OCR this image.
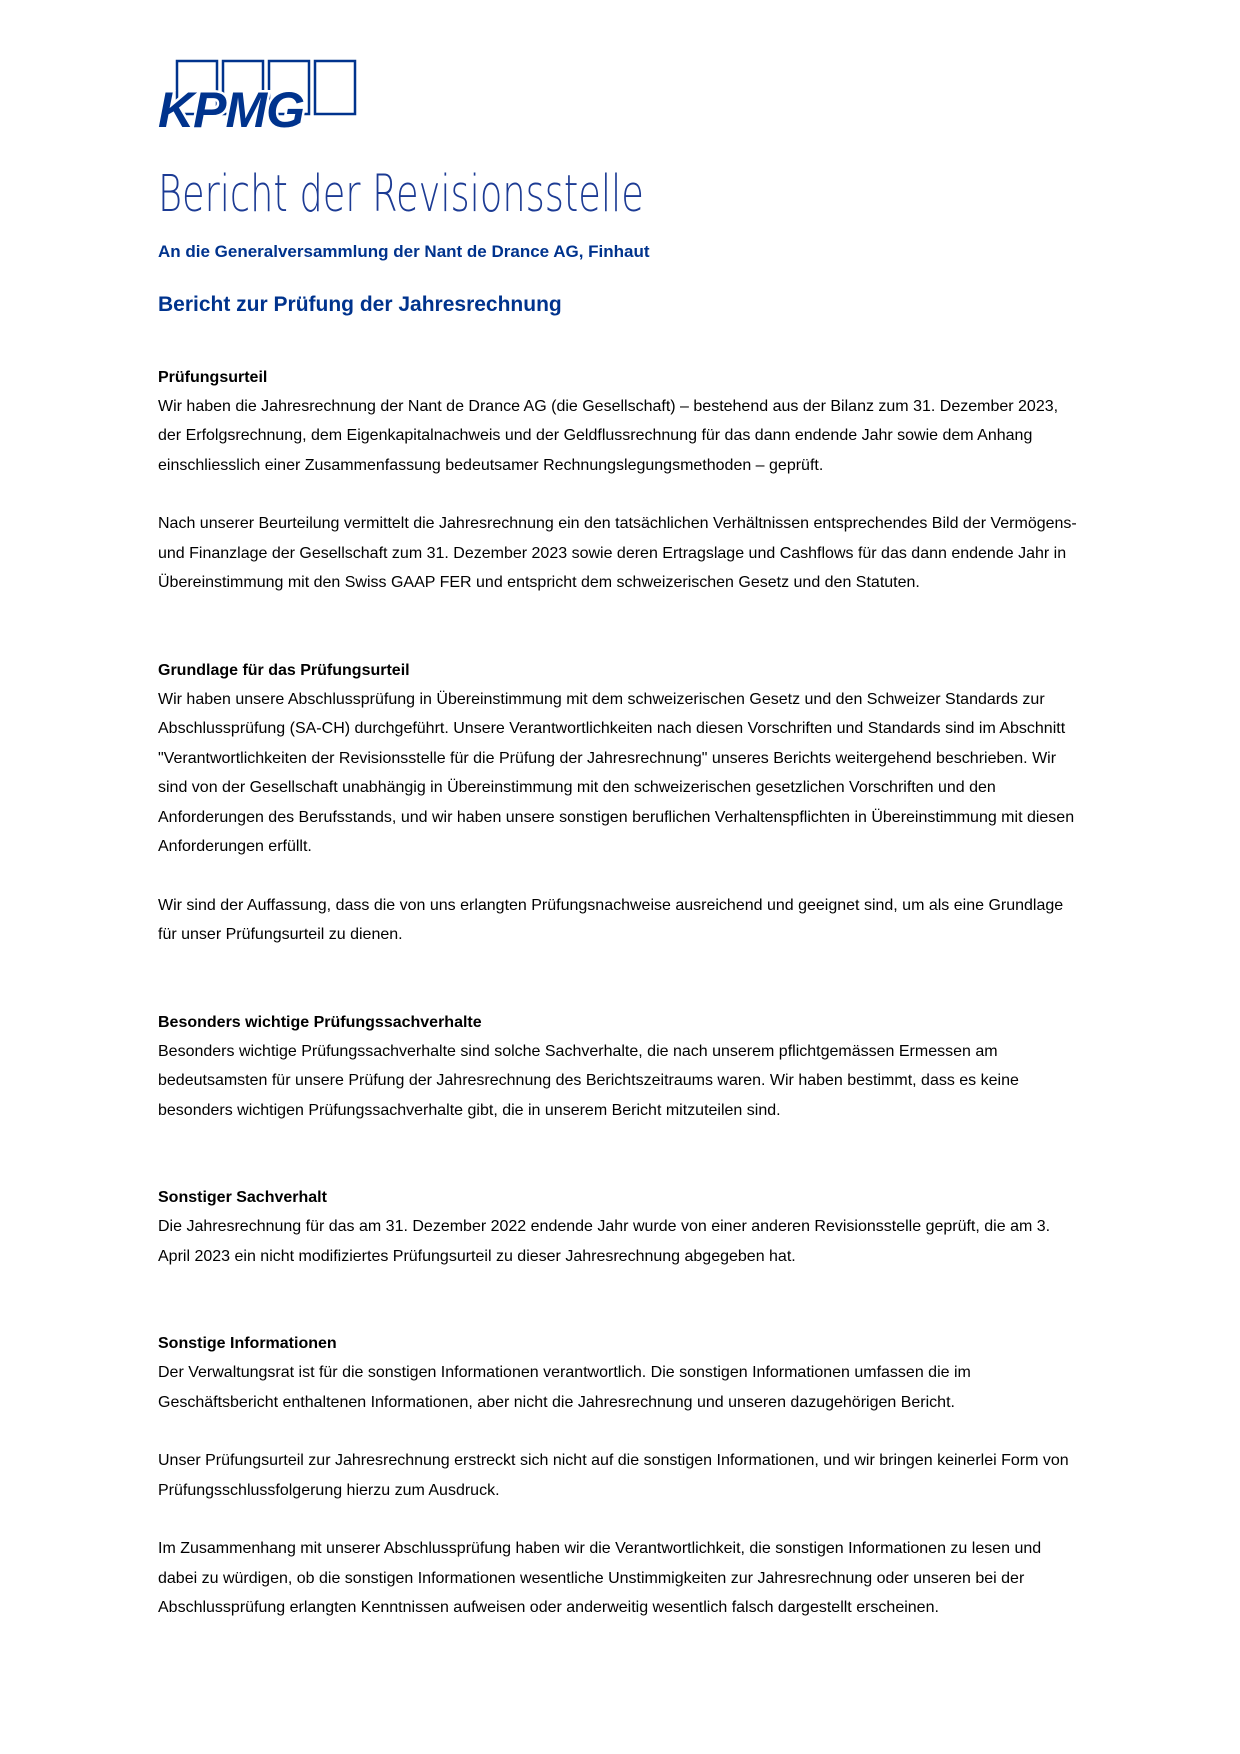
KPMG
Bericht der Revisionsstelle
An die Generalversammlung der Nant de Drance AG, Finhaut
Bericht zur Prüfung der Jahresrechnung
Prüfungsurteil

Wir haben die Jahresrechnung der Nant de Drance AG (die Gesellschaft) – bestehend aus der Bilanz zum 31. Dezember 2023, der Erfolgsrechnung, dem Eigenkapitalnachweis und der Geldflussrechnung für das dann endende Jahr sowie dem Anhang einschliesslich einer Zusammenfassung bedeutsamer Rechnungslegungsmethoden – geprüft.

Nach unserer Beurteilung vermittelt die Jahresrechnung ein den tatsächlichen Verhältnissen entsprechendes Bild der Vermögens- und Finanzlage der Gesellschaft zum 31. Dezember 2023 sowie deren Ertragslage und Cashflows für das dann endende Jahr in Übereinstimmung mit den Swiss GAAP FER und entspricht dem schweizerischen Gesetz und den Statuten.

Grundlage für das Prüfungsurteil

Wir haben unsere Abschlussprüfung in Übereinstimmung mit dem schweizerischen Gesetz und den Schweizer Standards zur Abschlussprüfung (SA-CH) durchgeführt. Unsere Verantwortlichkeiten nach diesen Vorschriften und Standards sind im Abschnitt "Verantwortlichkeiten der Revisionsstelle für die Prüfung der Jahresrechnung" unseres Berichts weitergehend beschrieben. Wir sind von der Gesellschaft unabhängig in Übereinstimmung mit den schweizerischen gesetzlichen Vorschriften und den Anforderungen des Berufsstands, und wir haben unsere sonstigen beruflichen Verhaltenspflichten in Übereinstimmung mit diesen Anforderungen erfüllt.

Wir sind der Auffassung, dass die von uns erlangten Prüfungsnachweise ausreichend und geeignet sind, um als eine Grundlage für unser Prüfungsurteil zu dienen.

Besonders wichtige Prüfungssachverhalte

Besonders wichtige Prüfungssachverhalte sind solche Sachverhalte, die nach unserem pflichtgemässen Ermessen am bedeutsamsten für unsere Prüfung der Jahresrechnung des Berichtszeitraums waren. Wir haben bestimmt, dass es keine besonders wichtigen Prüfungssachverhalte gibt, die in unserem Bericht mitzuteilen sind.

Sonstiger Sachverhalt

Die Jahresrechnung für das am 31. Dezember 2022 endende Jahr wurde von einer anderen Revisionsstelle geprüft, die am 3. April 2023 ein nicht modifiziertes Prüfungsurteil zu dieser Jahresrechnung abgegeben hat.

Sonstige Informationen

Der Verwaltungsrat ist für die sonstigen Informationen verantwortlich. Die sonstigen Informationen umfassen die im Geschäftsbericht enthaltenen Informationen, aber nicht die Jahresrechnung und unseren dazugehörigen Bericht.

Unser Prüfungsurteil zur Jahresrechnung erstreckt sich nicht auf die sonstigen Informationen, und wir bringen keinerlei Form von Prüfungsschlussfolgerung hierzu zum Ausdruck.

Im Zusammenhang mit unserer Abschlussprüfung haben wir die Verantwortlichkeit, die sonstigen Informationen zu lesen und dabei zu würdigen, ob die sonstigen Informationen wesentliche Unstimmigkeiten zur Jahresrechnung oder unseren bei der Abschlussprüfung erlangten Kenntnissen aufweisen oder anderweitig wesentlich falsch dargestellt erscheinen.
